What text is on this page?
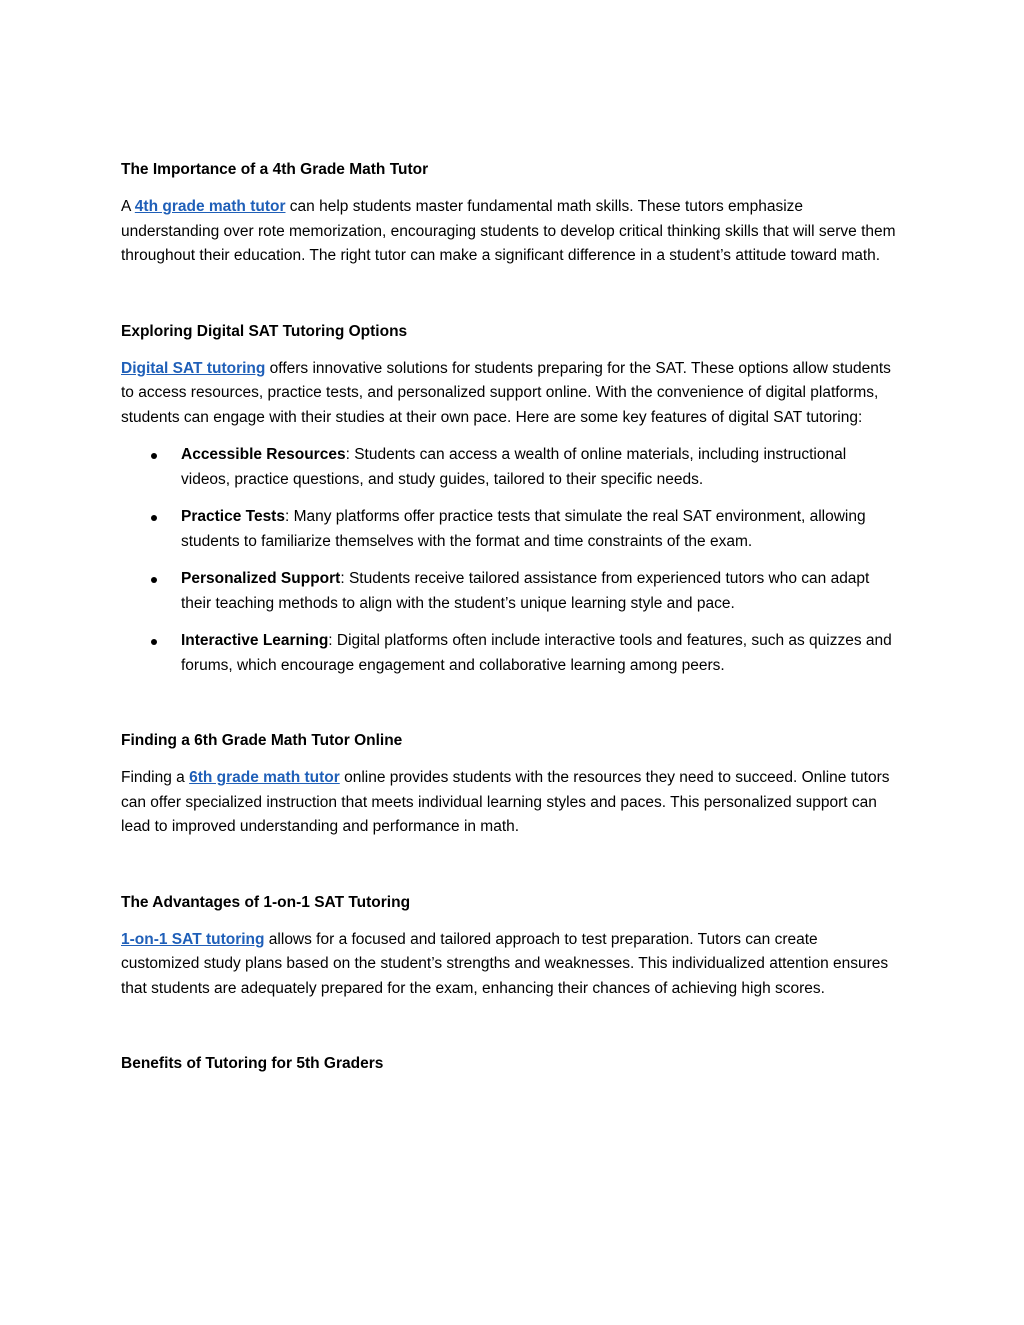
The Importance of a 4th Grade Math Tutor

A 4th grade math tutor can help students master fundamental math skills. These tutors emphasize understanding over rote memorization, encouraging students to develop critical thinking skills that will serve them throughout their education. The right tutor can make a significant difference in a student’s attitude toward math.

Exploring Digital SAT Tutoring Options

Digital SAT tutoring offers innovative solutions for students preparing for the SAT. These options allow students to access resources, practice tests, and personalized support online. With the convenience of digital platforms, students can engage with their studies at their own pace. Here are some key features of digital SAT tutoring:

Accessible Resources: Students can access a wealth of online materials, including instructional videos, practice questions, and study guides, tailored to their specific needs.
Practice Tests: Many platforms offer practice tests that simulate the real SAT environment, allowing students to familiarize themselves with the format and time constraints of the exam.
Personalized Support: Students receive tailored assistance from experienced tutors who can adapt their teaching methods to align with the student’s unique learning style and pace.
Interactive Learning: Digital platforms often include interactive tools and features, such as quizzes and forums, which encourage engagement and collaborative learning among peers.
Finding a 6th Grade Math Tutor Online

Finding a 6th grade math tutor online provides students with the resources they need to succeed. Online tutors can offer specialized instruction that meets individual learning styles and paces. This personalized support can lead to improved understanding and performance in math.

The Advantages of 1-on-1 SAT Tutoring

1-on-1 SAT tutoring allows for a focused and tailored approach to test preparation. Tutors can create customized study plans based on the student’s strengths and weaknesses. This individualized attention ensures that students are adequately prepared for the exam, enhancing their chances of achieving high scores.

Benefits of Tutoring for 5th Graders
